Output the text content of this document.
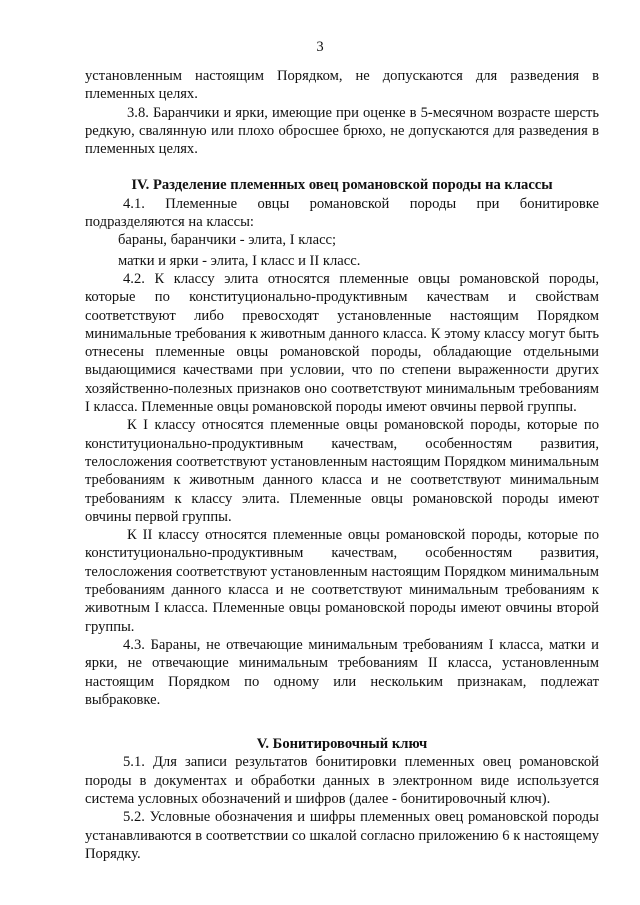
3

установленным настоящим Порядком, не допускаются для разведения в племенных целях.

3.8. Баранчики и ярки, имеющие при оценке в 5-месячном возрасте шерсть редкую, свалянную или плохо обросшее брюхо, не допускаются для разведения в племенных целях.

IV. Разделение племенных овец романовской породы на классы

4.1. Племенные овцы романовской породы при бонитировке подразделяются на классы:

бараны, баранчики - элита, I класс;

матки и ярки - элита, I класс и II класс.

4.2. К классу элита относятся племенные овцы романовской породы, которые по конституционально-продуктивным качествам и свойствам соответствуют либо превосходят установленные настоящим Порядком минимальные требования к животным данного класса. К этому классу могут быть отнесены племенные овцы романовской породы, обладающие отдельными выдающимися качествами при условии, что по степени выраженности других хозяйственно-полезных признаков оно соответствуют минимальным требованиям I класса. Племенные овцы романовской породы имеют овчины первой группы.

К I классу относятся племенные овцы романовской породы, которые по конституционально-продуктивным качествам, особенностям развития, телосложения соответствуют установленным настоящим Порядком минимальным требованиям к животным данного класса и не соответствуют минимальным требованиям к классу элита. Племенные овцы романовской породы имеют овчины первой группы.

К II классу относятся племенные овцы романовской породы, которые по конституционально-продуктивным качествам, особенностям развития, телосложения соответствуют установленным настоящим Порядком минимальным требованиям данного класса и не соответствуют минимальным требованиям к животным I класса. Племенные овцы романовской породы имеют овчины второй группы.

4.3. Бараны, не отвечающие минимальным требованиям I класса, матки и ярки, не отвечающие минимальным требованиям II класса, установленным настоящим Порядком по одному или нескольким признакам, подлежат выбраковке.

V. Бонитировочный ключ

5.1. Для записи результатов бонитировки племенных овец романовской породы в документах и обработки данных в электронном виде используется система условных обозначений и шифров (далее - бонитировочный ключ).

5.2. Условные обозначения и шифры племенных овец романовской породы устанавливаются в соответствии со шкалой согласно приложению 6 к настоящему Порядку.
